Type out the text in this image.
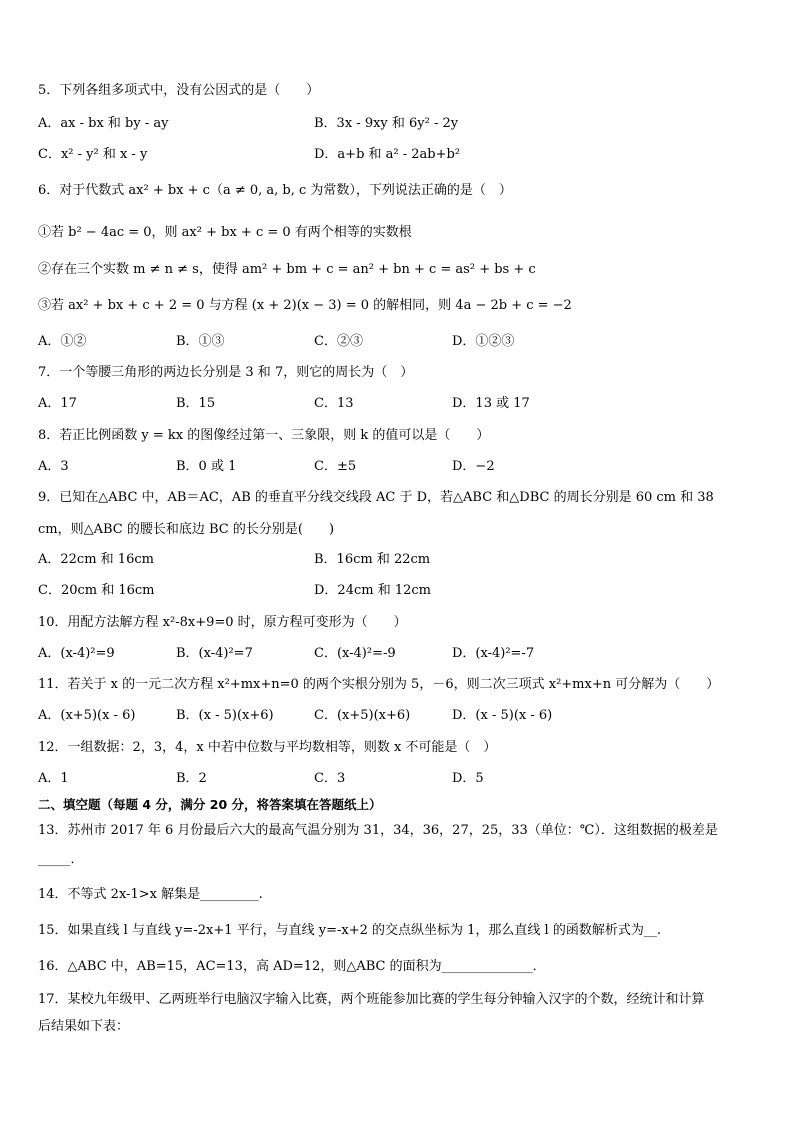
5．下列各组多项式中，没有公因式的是（　　）
A．ax - bx 和 by - ay	B．3x - 9xy 和 6y² - 2y
C．x² - y² 和 x - y	D．a+b 和 a² - 2ab+b²
6．对于代数式 ax² + bx + c（a ≠ 0, a, b, c 为常数），下列说法正确的是（　）
①若 b² − 4ac = 0，则 ax² + bx + c = 0 有两个相等的实数根
②存在三个实数 m ≠ n ≠ s，使得 am² + bm + c = an² + bn + c = as² + bs + c
③若 ax² + bx + c + 2 = 0 与方程 (x + 2)(x − 3) = 0 的解相同，则 4a − 2b + c = −2
A．①②	B．①③	C．②③	D．①②③
7．一个等腰三角形的两边长分别是 3 和 7，则它的周长为（　）
A．17	B．15	C．13	D．13 或 17
8．若正比例函数 y = kx 的图像经过第一、三象限，则 k 的值可以是（　　）
A．3	B．0 或 1	C．±5	D．−2
9．已知在△ABC 中，AB＝AC，AB 的垂直平分线交线段 AC 于 D，若△ABC 和△DBC 的周长分别是 60 cm 和 38
cm，则△ABC 的腰长和底边 BC 的长分别是(　　)
A．22cm 和 16cm	B．16cm 和 22cm
C．20cm 和 16cm	D．24cm 和 12cm
10．用配方法解方程 x²-8x+9=0 时，原方程可变形为（　　）
A．(x-4)²=9	B．(x-4)²=7	C．(x-4)²=-9	D．(x-4)²=-7
11．若关于 x 的一元二次方程 x²+mx+n=0 的两个实根分别为 5，－6，则二次三项式 x²+mx+n 可分解为（　　）
A．(x+5)(x - 6)	B．(x - 5)(x+6)	C．(x+5)(x+6)	D．(x - 5)(x - 6)
12．一组数据：2，3，4，x 中若中位数与平均数相等，则数 x 不可能是（　）
A．1	B．2	C．3	D．5
二、填空题（每题 4 分，满分 20 分，将答案填在答题纸上）
13．苏州市 2017 年 6 月份最后六大的最高气温分别为 31，34，36，27，25，33（单位：℃）．这组数据的极差是
_____．
14．不等式 2x-1>x 解集是_________.
15．如果直线 l 与直线 y=-2x+1 平行，与直线 y=-x+2 的交点纵坐标为 1，那么直线 l 的函数解析式为__.
16．△ABC 中，AB=15，AC=13，高 AD=12，则△ABC 的面积为______________．
17．某校九年级甲、乙两班举行电脑汉字输入比赛，两个班能参加比赛的学生每分钟输入汉字的个数，经统计和计算
后结果如下表：
